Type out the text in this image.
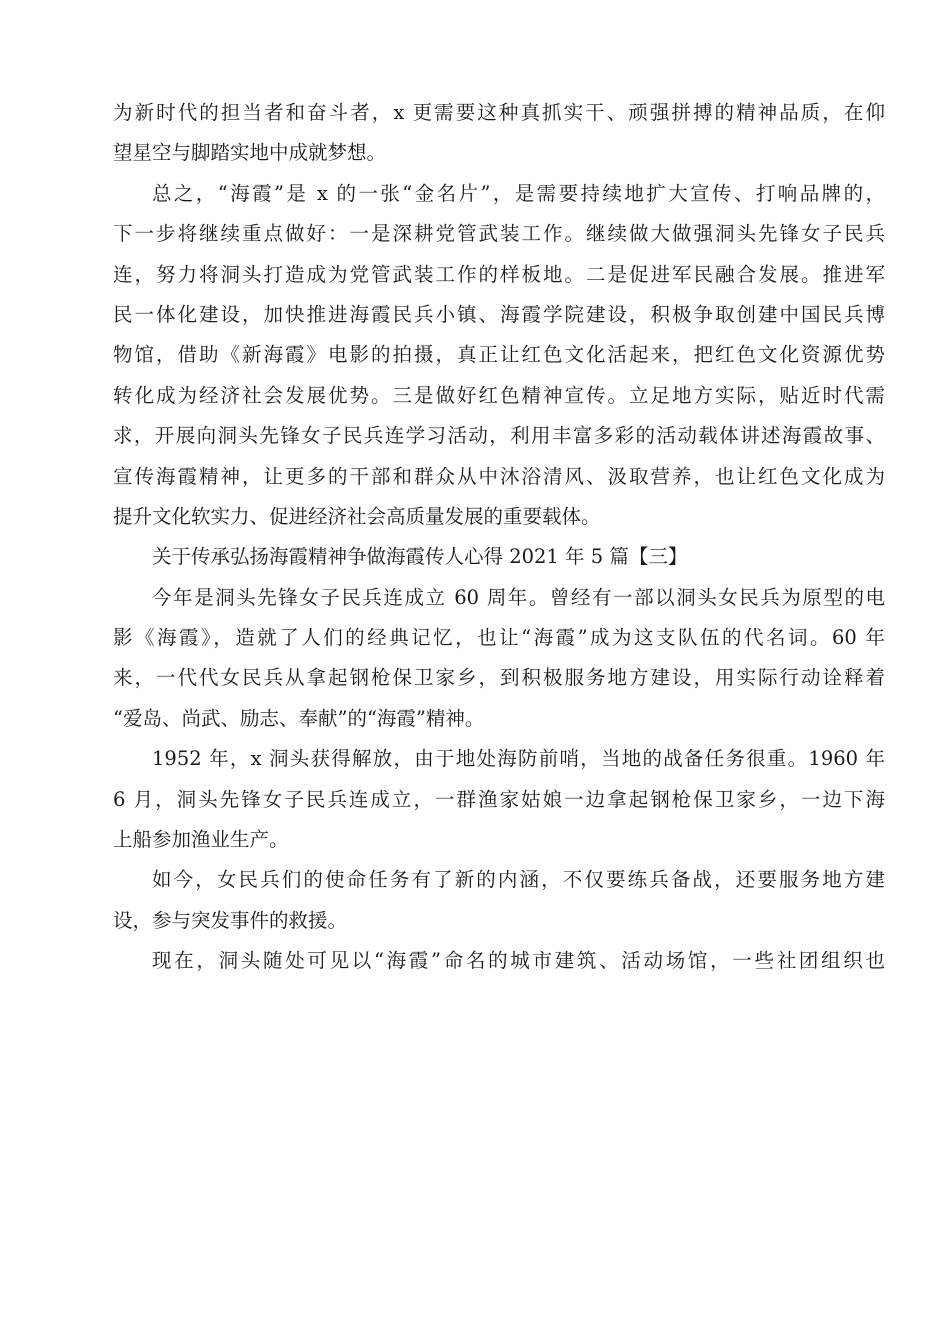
为新时代的担当者和奋斗者，x 更需要这种真抓实干、顽强拼搏的精神品质，在仰
望星空与脚踏实地中成就梦想。
总之，“海霞”是 x 的一张“金名片”，是需要持续地扩大宣传、打响品牌的，
下一步将继续重点做好：一是深耕党管武装工作。继续做大做强洞头先锋女子民兵
连，努力将洞头打造成为党管武装工作的样板地。二是促进军民融合发展。推进军
民一体化建设，加快推进海霞民兵小镇、海霞学院建设，积极争取创建中国民兵博
物馆，借助《新海霞》电影的拍摄，真正让红色文化活起来，把红色文化资源优势
转化成为经济社会发展优势。三是做好红色精神宣传。立足地方实际，贴近时代需
求，开展向洞头先锋女子民兵连学习活动，利用丰富多彩的活动载体讲述海霞故事、
宣传海霞精神，让更多的干部和群众从中沐浴清风、汲取营养，也让红色文化成为
提升文化软实力、促进经济社会高质量发展的重要载体。
关于传承弘扬海霞精神争做海霞传人心得 2021 年 5 篇【三】
今年是洞头先锋女子民兵连成立 60 周年。曾经有一部以洞头女民兵为原型的电
影《海霞》，造就了人们的经典记忆，也让“海霞”成为这支队伍的代名词。60 年
来，一代代女民兵从拿起钢枪保卫家乡，到积极服务地方建设，用实际行动诠释着
“爱岛、尚武、励志、奉献”的“海霞”精神。
1952 年，x 洞头获得解放，由于地处海防前哨，当地的战备任务很重。1960 年
6 月，洞头先锋女子民兵连成立，一群渔家姑娘一边拿起钢枪保卫家乡，一边下海
上船参加渔业生产。
如今，女民兵们的使命任务有了新的内涵，不仅要练兵备战，还要服务地方建
设，参与突发事件的救援。
现在，洞头随处可见以“海霞”命名的城市建筑、活动场馆，一些社团组织也
